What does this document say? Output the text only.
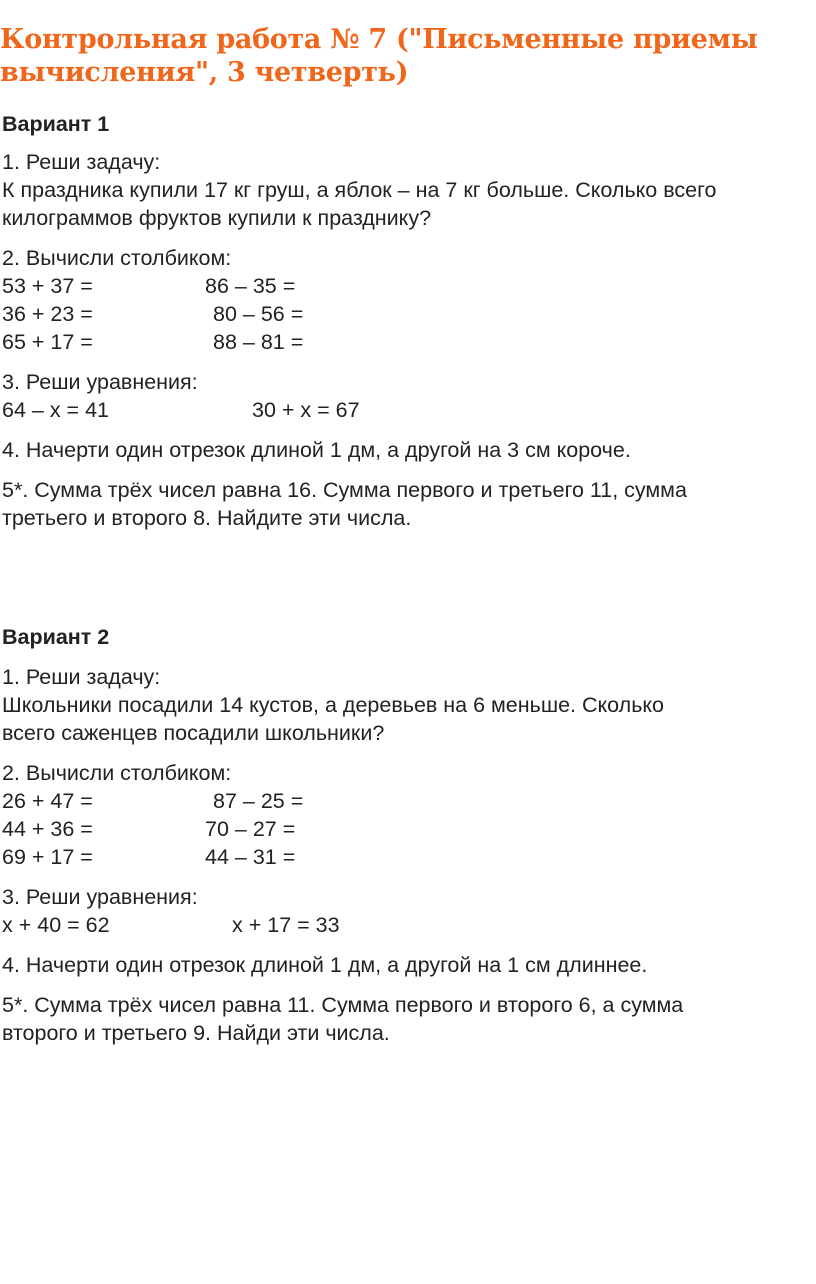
Контрольная работа № 7 ("Письменные приемы
вычисления", 3 четверть)
Вариант 1
1. Реши задачу:
К праздника купили 17 кг груш, а яблок – на 7 кг больше. Сколько всего
килограммов фруктов купили к празднику?
2. Вычисли столбиком:
53 + 37 =	86 – 35 =
36 + 23 =	80 – 56 =
65 + 17 =	88 – 81 =
3. Реши уравнения:
64 – x = 41	30 + x = 67
4. Начерти один отрезок длиной 1 дм, а другой на 3 см короче.
5*. Сумма трёх чисел равна 16. Сумма первого и третьего 11, сумма
третьего и второго 8. Найдите эти числа.
Вариант 2
1. Реши задачу:
Школьники посадили 14 кустов, а деревьев на 6 меньше. Сколько
всего саженцев посадили школьники?
2. Вычисли столбиком:
26 + 47 =	87 – 25 =
44 + 36 =	70 – 27 =
69 + 17 =	44 – 31 =
3. Реши уравнения:
x + 40 = 62	x + 17 = 33
4. Начерти один отрезок длиной 1 дм, а другой на 1 см длиннее.
5*. Сумма трёх чисел равна 11. Сумма первого и второго 6, а сумма
второго и третьего 9. Найди эти числа.
